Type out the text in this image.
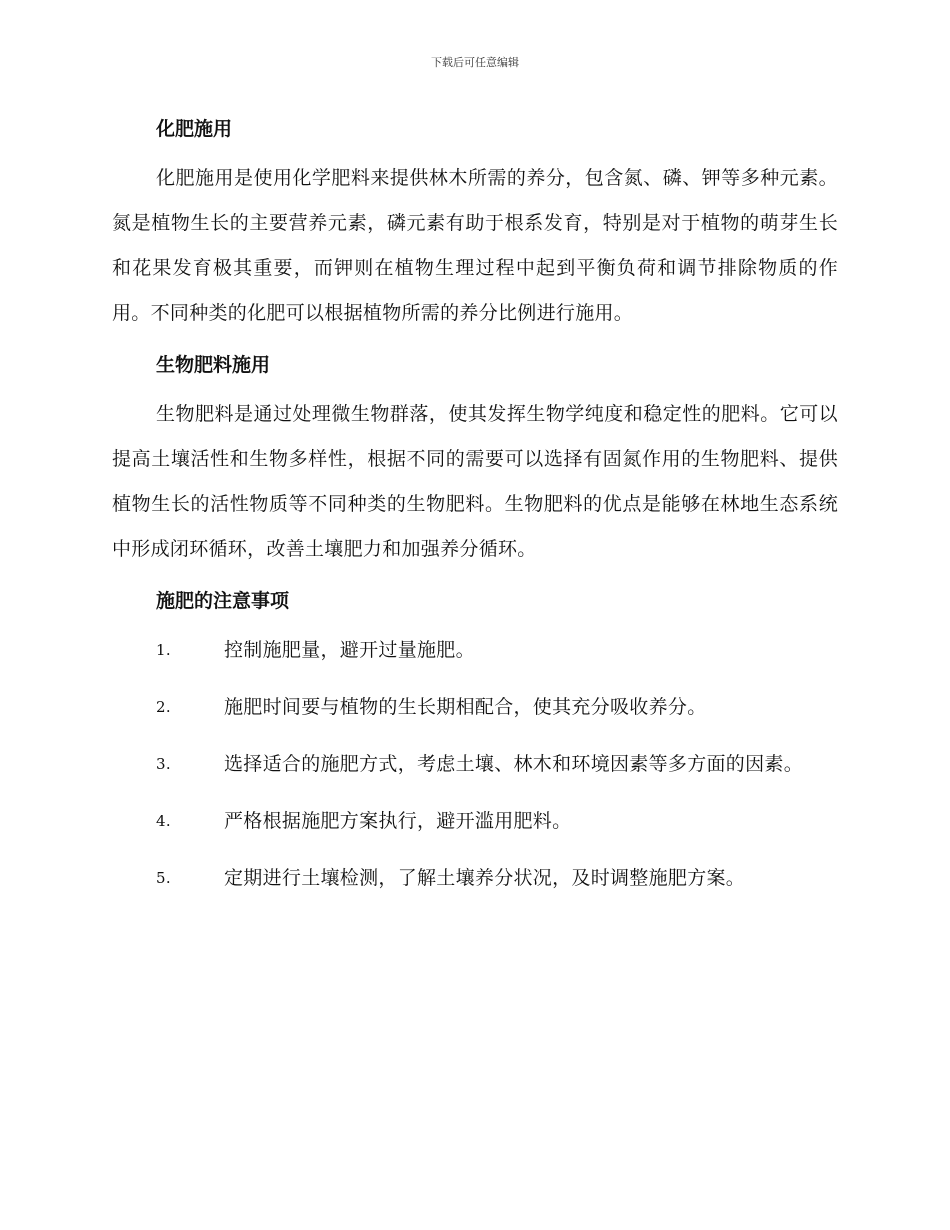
下载后可任意编辑
化肥施用

化肥施用是使用化学肥料来提供林木所需的养分，包含氮、磷、钾等多种元素。氮是植物生长的主要营养元素，磷元素有助于根系发育，特别是对于植物的萌芽生长和花果发育极其重要，而钾则在植物生理过程中起到平衡负荷和调节排除物质的作用。不同种类的化肥可以根据植物所需的养分比例进行施用。

生物肥料施用

生物肥料是通过处理微生物群落，使其发挥生物学纯度和稳定性的肥料。它可以提高土壤活性和生物多样性，根据不同的需要可以选择有固氮作用的生物肥料、提供植物生长的活性物质等不同种类的生物肥料。生物肥料的优点是能够在林地生态系统中形成闭环循环，改善土壤肥力和加强养分循环。

施肥的注意事项
1.	控制施肥量，避开过量施肥。
2.	施肥时间要与植物的生长期相配合，使其充分吸收养分。
3.	选择适合的施肥方式，考虑土壤、林木和环境因素等多方面的因素。
4.	严格根据施肥方案执行，避开滥用肥料。
5.	定期进行土壤检测，了解土壤养分状况，及时调整施肥方案。
